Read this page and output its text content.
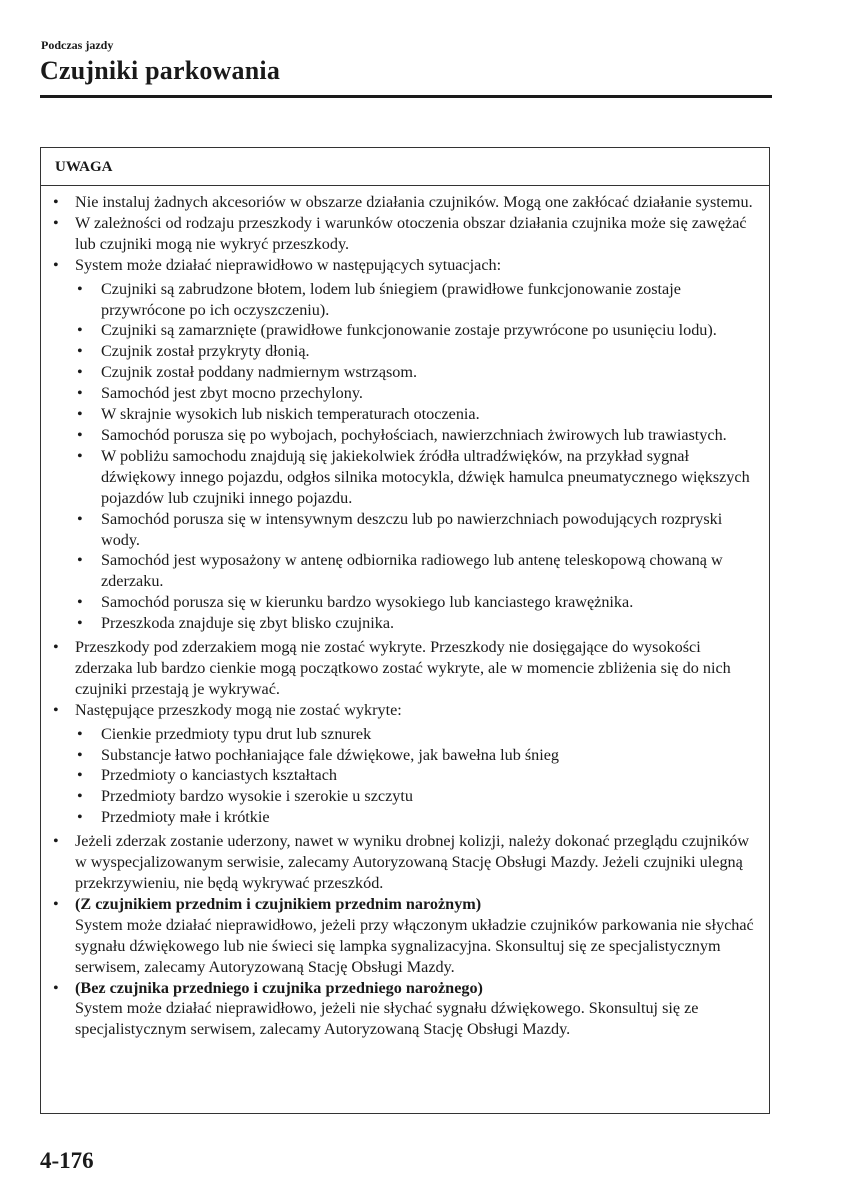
Podczas jazdy
Czujniki parkowania
UWAGA
•	Nie instaluj żadnych akcesoriów w obszarze działania czujników. Mogą one zakłócać działanie systemu.
•	W zależności od rodzaju przeszkody i warunków otoczenia obszar działania czujnika może się zawężać lub czujniki mogą nie wykryć przeszkody.
•	System może działać nieprawidłowo w następujących sytuacjach:
•	Czujniki są zabrudzone błotem, lodem lub śniegiem (prawidłowe funkcjonowanie zostaje przywrócone po ich oczyszczeniu).
•	Czujniki są zamarznięte (prawidłowe funkcjonowanie zostaje przywrócone po usunięciu lodu).
•	Czujnik został przykryty dłonią.
•	Czujnik został poddany nadmiernym wstrząsom.
•	Samochód jest zbyt mocno przechylony.
•	W skrajnie wysokich lub niskich temperaturach otoczenia.
•	Samochód porusza się po wybojach, pochyłościach, nawierzchniach żwirowych lub trawiastych.
•	W pobliżu samochodu znajdują się jakiekolwiek źródła ultradźwięków, na przykład sygnał dźwiękowy innego pojazdu, odgłos silnika motocykla, dźwięk hamulca pneumatycznego większych pojazdów lub czujniki innego pojazdu.
•	Samochód porusza się w intensywnym deszczu lub po nawierzchniach powodujących rozpryski wody.
•	Samochód jest wyposażony w antenę odbiornika radiowego lub antenę teleskopową chowaną w zderzaku.
•	Samochód porusza się w kierunku bardzo wysokiego lub kanciastego krawężnika.
•	Przeszkoda znajduje się zbyt blisko czujnika.
•	Przeszkody pod zderzakiem mogą nie zostać wykryte. Przeszkody nie dosięgające do wysokości zderzaka lub bardzo cienkie mogą początkowo zostać wykryte, ale w momencie zbliżenia się do nich czujniki przestają je wykrywać.
•	Następujące przeszkody mogą nie zostać wykryte:
•	Cienkie przedmioty typu drut lub sznurek
•	Substancje łatwo pochłaniające fale dźwiękowe, jak bawełna lub śnieg
•	Przedmioty o kanciastych kształtach
•	Przedmioty bardzo wysokie i szerokie u szczytu
•	Przedmioty małe i krótkie
•	Jeżeli zderzak zostanie uderzony, nawet w wyniku drobnej kolizji, należy dokonać przeglądu czujników w wyspecjalizowanym serwisie, zalecamy Autoryzowaną Stację Obsługi Mazdy. Jeżeli czujniki ulegną przekrzywieniu, nie będą wykrywać przeszkód.
•	(Z czujnikiem przednim i czujnikiem przednim narożnym)
System może działać nieprawidłowo, jeżeli przy włączonym układzie czujników parkowania nie słychać sygnału dźwiękowego lub nie świeci się lampka sygnalizacyjna. Skonsultuj się ze specjalistycznym serwisem, zalecamy Autoryzowaną Stację Obsługi Mazdy.
•	(Bez czujnika przedniego i czujnika przedniego narożnego)
System może działać nieprawidłowo, jeżeli nie słychać sygnału dźwiękowego. Skonsultuj się ze specjalistycznym serwisem, zalecamy Autoryzowaną Stację Obsługi Mazdy.
4-176
